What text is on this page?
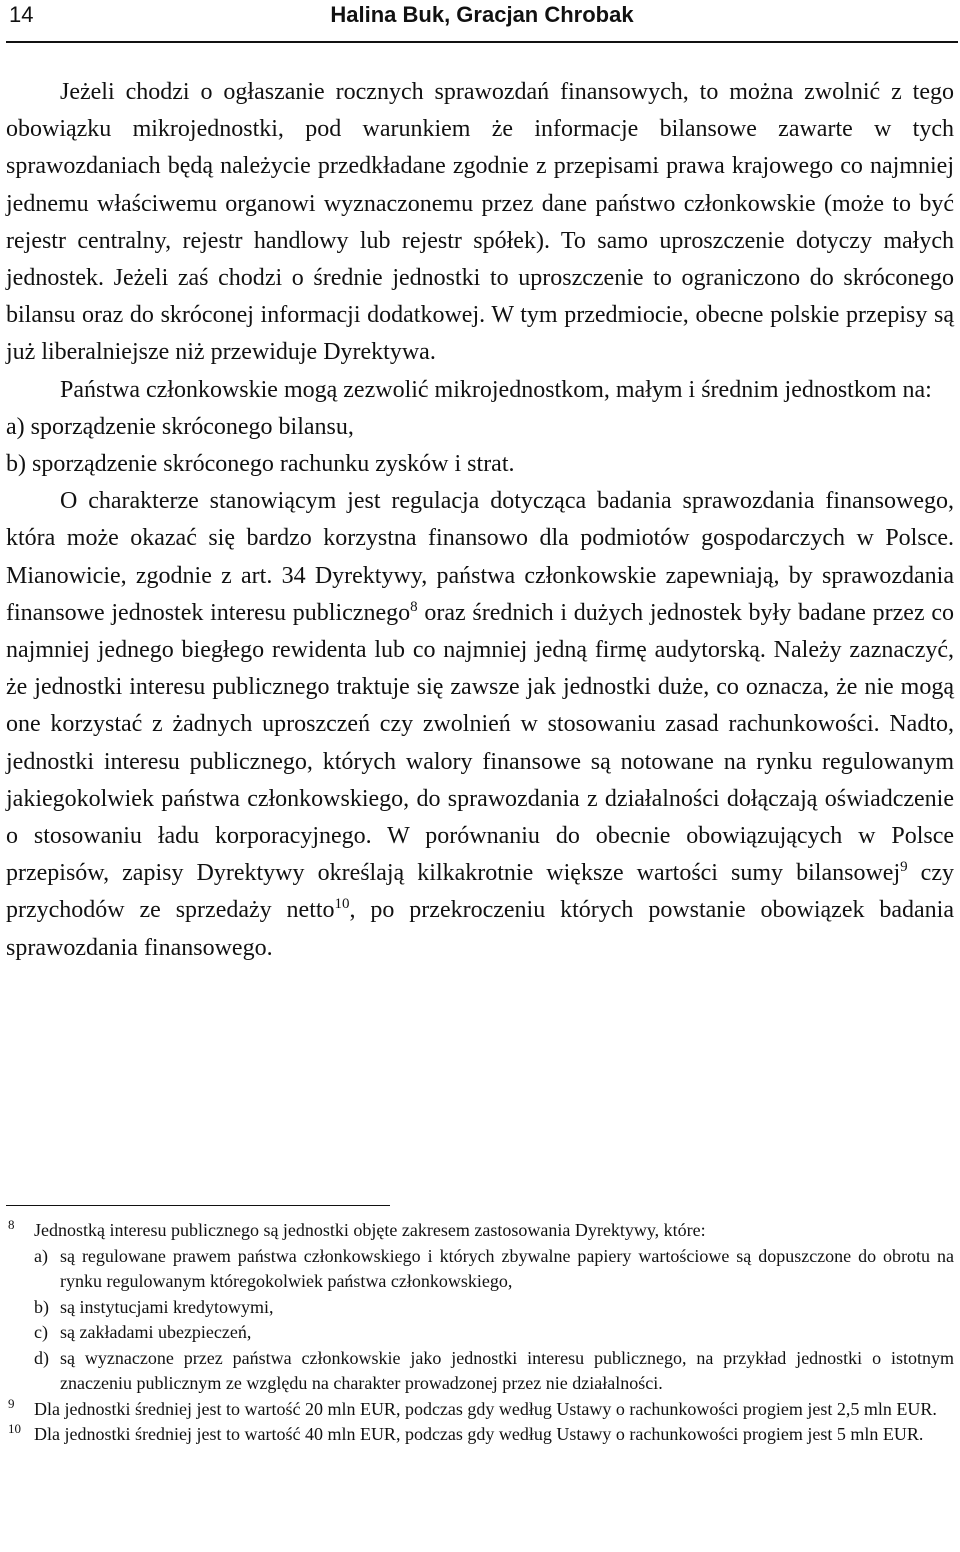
14	Halina Buk, Gracjan Chrobak

Jeżeli chodzi o ogłaszanie rocznych sprawozdań finansowych, to można zwolnić z tego obowiązku mikrojednostki, pod warunkiem że informacje bilansowe zawarte w tych sprawozdaniach będą należycie przedkładane zgodnie z przepisami prawa krajowego co najmniej jednemu właściwemu organowi wyznaczonemu przez dane państwo członkowskie (może to być rejestr centralny, rejestr handlowy lub rejestr spółek). To samo uproszczenie dotyczy małych jednostek. Jeżeli zaś chodzi o średnie jednostki to uproszczenie to ograniczono do skróconego bilansu oraz do skróconej informacji dodatkowej. W tym przedmiocie, obecne polskie przepisy są już liberalniejsze niż przewiduje Dyrektywa.

Państwa członkowskie mogą zezwolić mikrojednostkom, małym i średnim jednostkom na:

a) sporządzenie skróconego bilansu,

b) sporządzenie skróconego rachunku zysków i strat.

O charakterze stanowiącym jest regulacja dotycząca badania sprawozdania finansowego, która może okazać się bardzo korzystna finansowo dla podmiotów gospodarczych w Polsce. Mianowicie, zgodnie z art. 34 Dyrektywy, państwa członkowskie zapewniają, by sprawozdania finansowe jednostek interesu publicznego$^8$ oraz średnich i dużych jednostek były badane przez co najmniej jednego biegłego rewidenta lub co najmniej jedną firmę audytorską. Należy zaznaczyć, że jednostki interesu publicznego traktuje się zawsze jak jednostki duże, co oznacza, że nie mogą one korzystać z żadnych uproszczeń czy zwolnień w stosowaniu zasad rachunkowości. Nadto, jednostki interesu publicznego, których walory finansowe są notowane na rynku regulowanym jakiegokolwiek państwa członkowskiego, do sprawozdania z działalności dołączają oświadczenie o stosowaniu ładu korporacyjnego. W porównaniu do obecnie obowiązujących w Polsce przepisów, zapisy Dyrektywy określają kilkakrotnie większe wartości sumy bilansowej$^9$ czy przychodów ze sprzedaży netto$^{10}$, po przekroczeniu których powstanie obowiązek badania sprawozdania finansowego.

8 Jednostką interesu publicznego są jednostki objęte zakresem zastosowania Dyrektywy, które:
a) są regulowane prawem państwa członkowskiego i których zbywalne papiery wartościowe są dopuszczone do obrotu na rynku regulowanym któregokolwiek państwa członkowskiego,
b) są instytucjami kredytowymi,
c) są zakładami ubezpieczeń,
d) są wyznaczone przez państwa członkowskie jako jednostki interesu publicznego, na przykład jednostki o istotnym znaczeniu publicznym ze względu na charakter prowadzonej przez nie działalności.
9 Dla jednostki średniej jest to wartość 20 mln EUR, podczas gdy według Ustawy o rachunkowości progiem jest 2,5 mln EUR.
10 Dla jednostki średniej jest to wartość 40 mln EUR, podczas gdy według Ustawy o rachunkowości progiem jest 5 mln EUR.
